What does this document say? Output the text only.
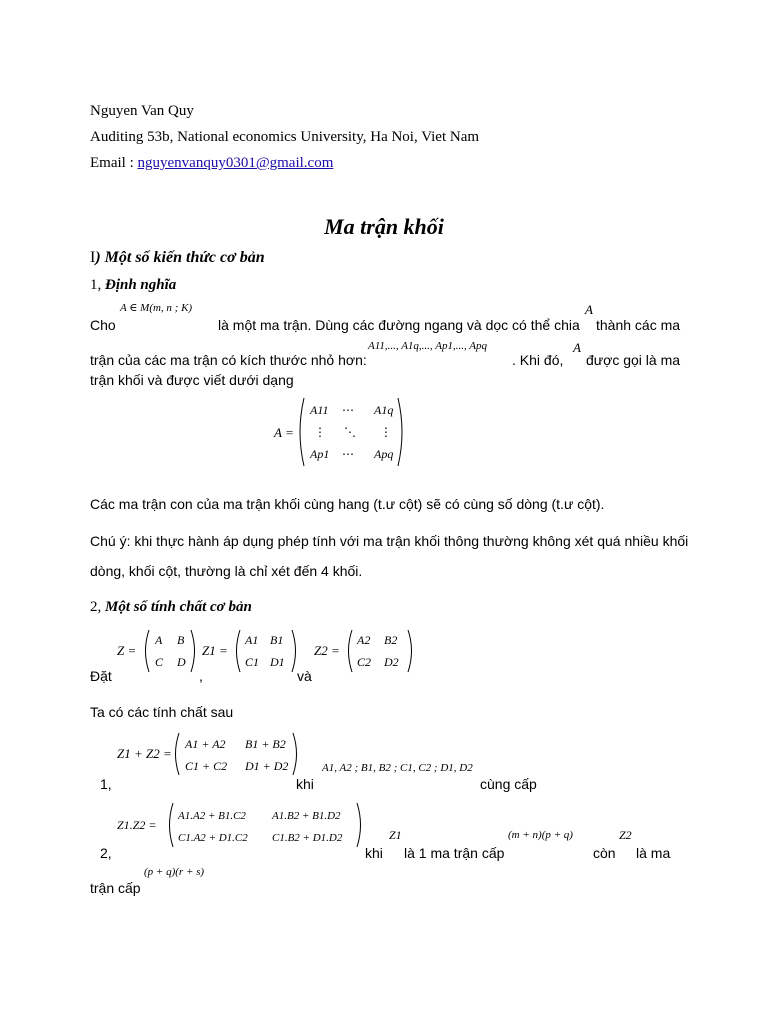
Nguyen Van Quy
Auditing 53b, National economics University, Ha Noi, Viet Nam
Email : nguyenvanquy0301@gmail.com
Ma trận khối
I) Một số kiến thức cơ bản
1, Định nghĩa
Cho
A ∈ M(m, n ; K)
là một ma trận. Dùng các đường ngang và dọc có thể chia
A
thành các ma
trận của các ma trận có kích thước nhỏ hơn:
A11,..., A1q,..., Ap1,..., Apq
. Khi đó,
A
được gọi là ma
trận khối và được viết dưới dạng
A =
A11 ⋯ A1q
⋮ ⋱ ⋮
Ap1 ⋯ Apq
Các ma trận con của ma trận khối cùng hang (t.ư cột) sẽ có cùng số dòng (t.ư cột).
Chú ý: khi thực hành áp dụng phép tính với ma trận khối thông thường không xét quá nhiều khối
dòng, khối cột, thường là chỉ xét đến 4 khối.
2, Một số tính chất cơ bản
Z =
A B
C D
Z1 =
A1 B1
C1 D1
Z2 =
A2 B2
C2 D2
Đặt	,	và
Ta có các tính chất sau
Z1 + Z2 =
A1 + A2 B1 + B2
C1 + C2 D1 + D2
1,	khi
A1, A2 ; B1, B2 ; C1, C2 ; D1, D2
cùng cấp
Z1.Z2 =
A1.A2 + B1.C2 A1.B2 + B1.D2
C1.A2 + D1.C2 C1.B2 + D1.D2
2,	khi
Z1
là 1 ma trận cấp
(m + n)(p + q)
còn
Z2
là ma
trận cấp
(p + q)(r + s)
